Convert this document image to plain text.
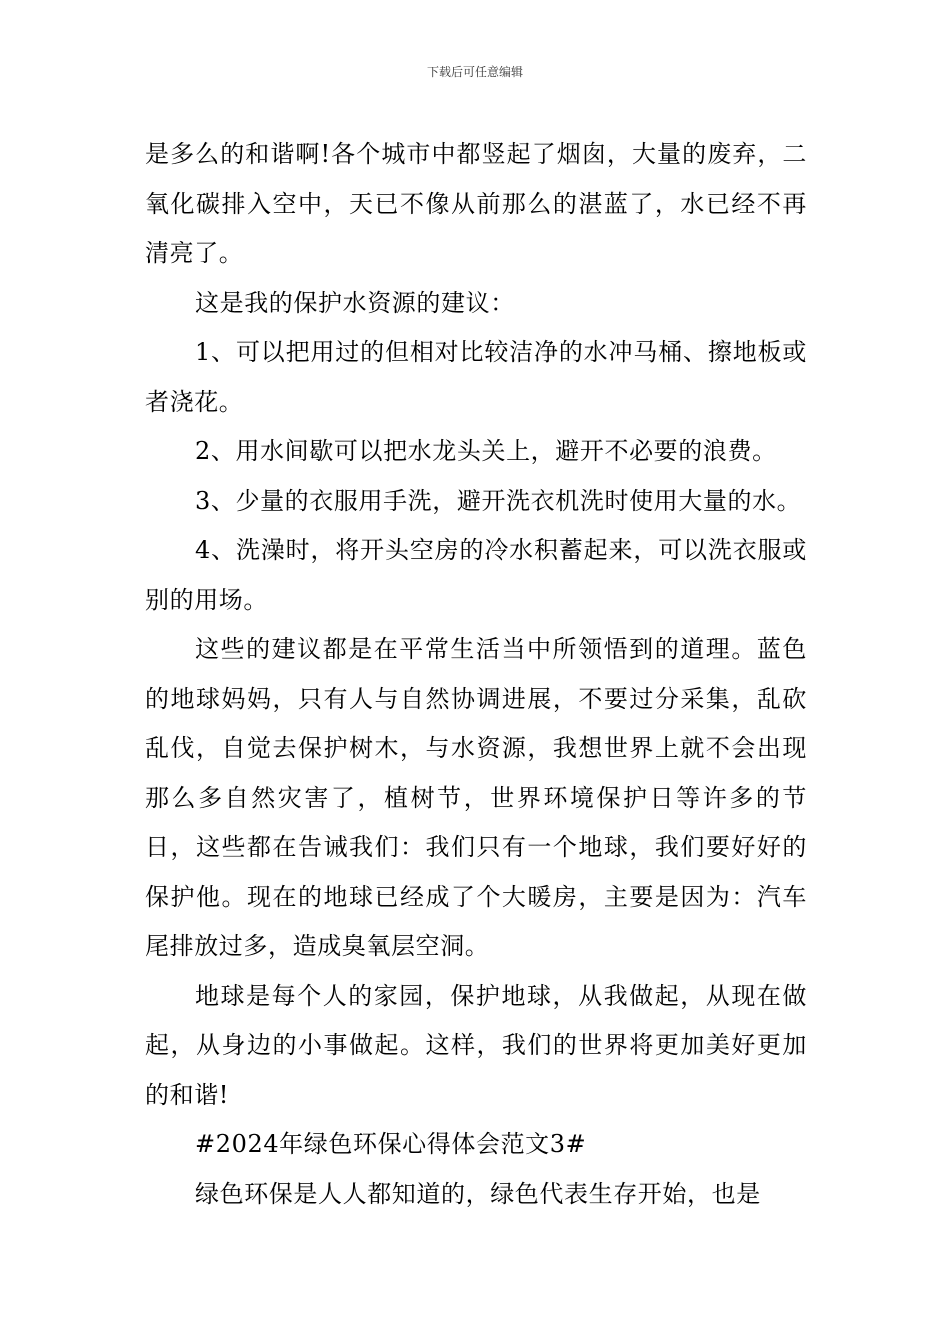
下载后可任意编辑

是多么的和谐啊!各个城市中都竖起了烟囱，大量的废弃，二氧化碳排入空中，天已不像从前那么的湛蓝了，水已经不再清亮了。

这是我的保护水资源的建议：

1、可以把用过的但相对比较洁净的水冲马桶、擦地板或者浇花。

2、用水间歇可以把水龙头关上，避开不必要的浪费。

3、少量的衣服用手洗，避开洗衣机洗时使用大量的水。

4、洗澡时，将开头空房的冷水积蓄起来，可以洗衣服或别的用场。

这些的建议都是在平常生活当中所领悟到的道理。蓝色的地球妈妈，只有人与自然协调进展，不要过分采集，乱砍乱伐，自觉去保护树木，与水资源，我想世界上就不会出现那么多自然灾害了，植树节，世界环境保护日等许多的节日，这些都在告诫我们：我们只有一个地球，我们要好好的保护他。现在的地球已经成了个大暖房，主要是因为：汽车尾排放过多，造成臭氧层空洞。

地球是每个人的家园，保护地球，从我做起，从现在做起，从身边的小事做起。这样，我们的世界将更加美好更加的和谐!

#2024年绿色环保心得体会范文3#

绿色环保是人人都知道的，绿色代表生存开始，也是
